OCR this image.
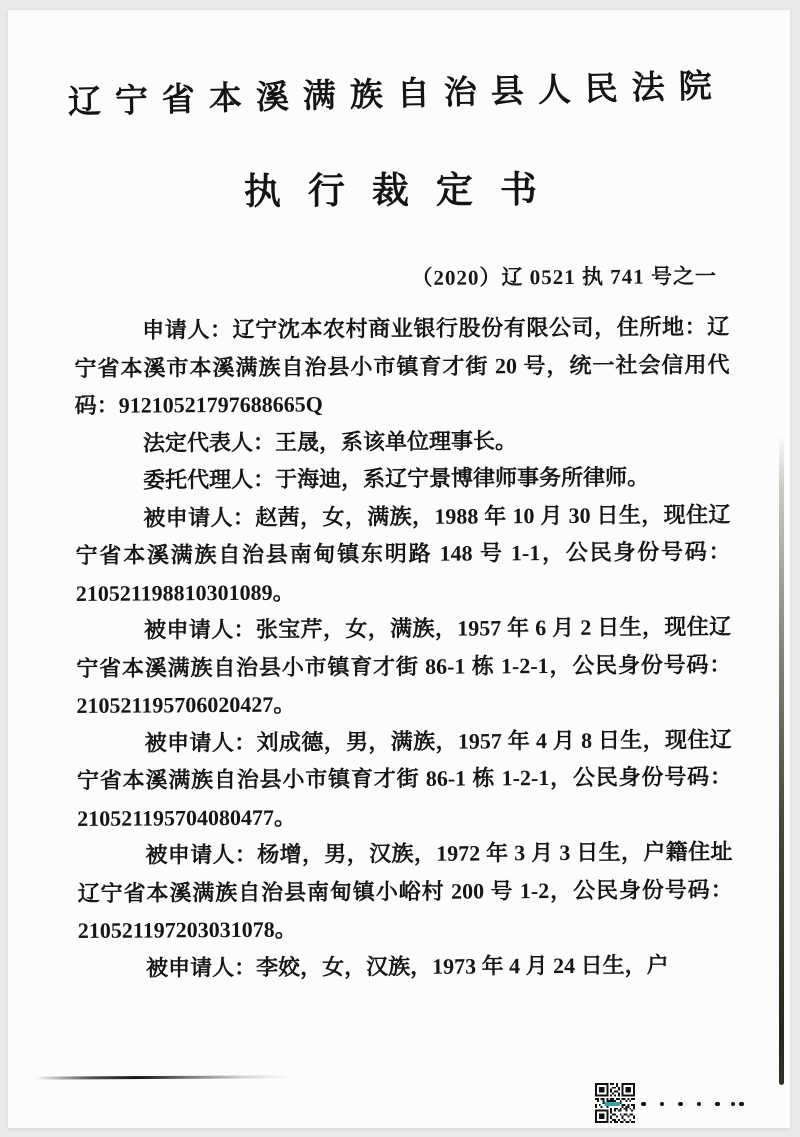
辽宁省本溪满族自治县人民法院
执行裁定书
（2020）辽 0521 执 741 号之一

申请人：辽宁沈本农村商业银行股份有限公司，住所地：辽宁省本溪市本溪满族自治县小市镇育才街 20 号，统一社会信用代码：91210521797688665Q

法定代表人：王晟，系该单位理事长。

委托代理人：于海迪，系辽宁景博律师事务所律师。

被申请人：赵茜，女，满族，1988 年 10 月 30 日生，现住辽宁省本溪满族自治县南甸镇东明路 148 号 1-1，公民身份号码：210521198810301089。

被申请人：张宝芹，女，满族，1957 年 6 月 2 日生，现住辽宁省本溪满族自治县小市镇育才街 86-1 栋 1-2-1，公民身份号码：210521195706020427。

被申请人：刘成德，男，满族，1957 年 4 月 8 日生，现住辽宁省本溪满族自治县小市镇育才街 86-1 栋 1-2-1，公民身份号码：210521195704080477。

被申请人：杨增，男，汉族，1972 年 3 月 3 日生，户籍住址辽宁省本溪满族自治县南甸镇小峪村 200 号 1-2，公民身份号码：210521197203031078。

被申请人：李姣，女，汉族，1973 年 4 月 24 日生，户
